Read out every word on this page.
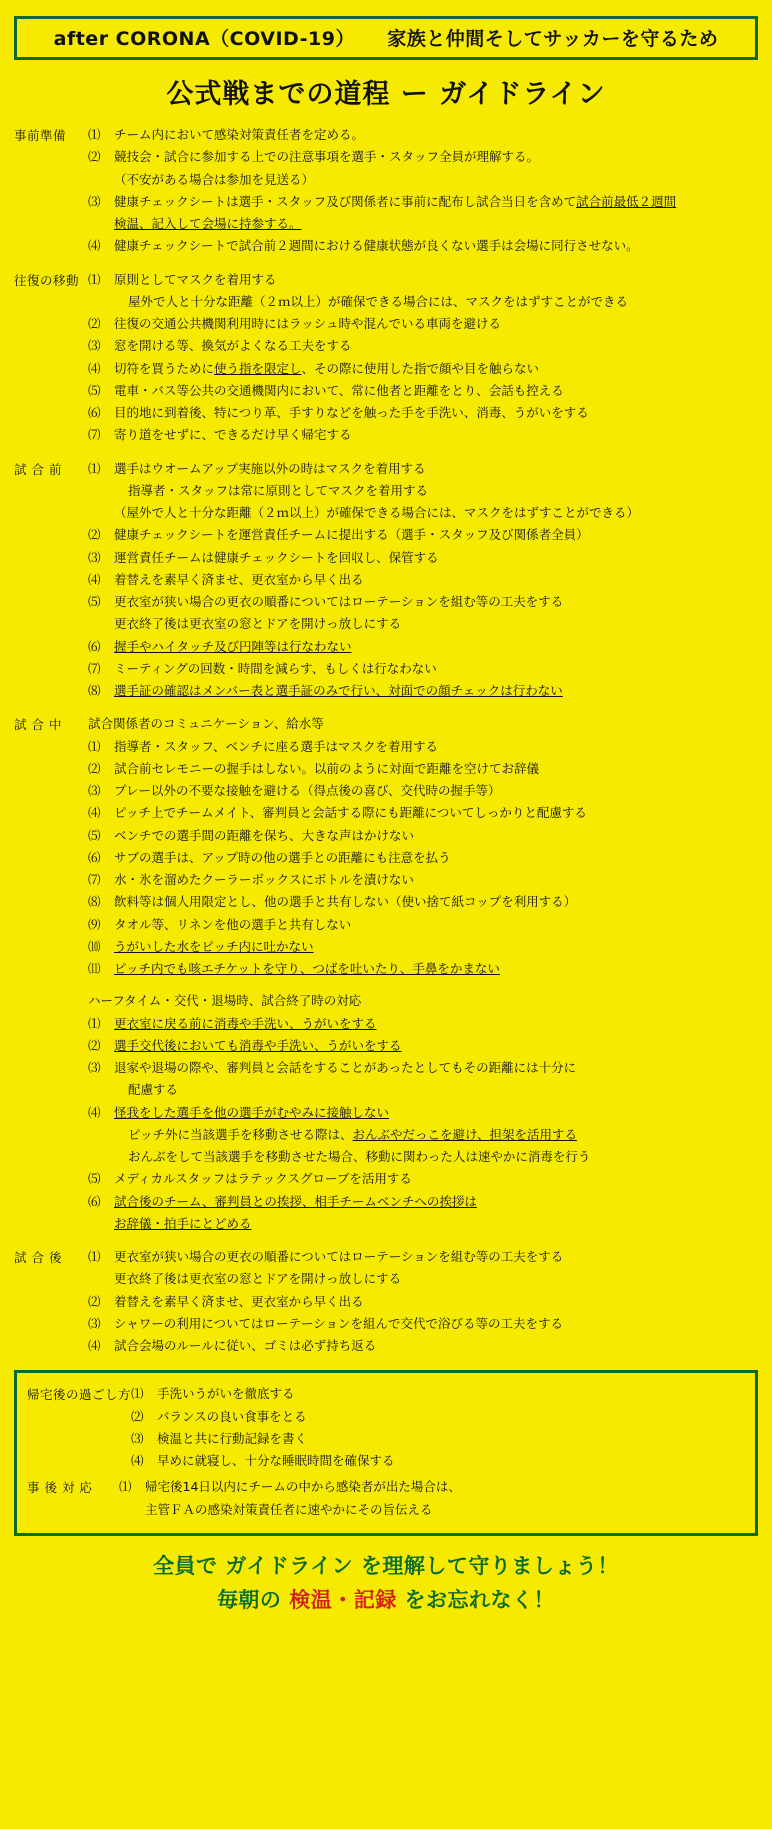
after CORONA（COVID-19） 家族と仲間そしてサッカーを守るため
公式戦までの道程 ー ガイドライン
事前準備	⑴	チーム内において感染対策責任者を定める。
⑵	競技会・試合に参加する上での注意事項を選手・スタッフ全員が理解する。
（不安がある場合は参加を見送る）
⑶	健康チェックシートは選手・スタッフ及び関係者に事前に配布し試合当日を含めて試合前最低２週間
検温、記入して会場に持参する。
⑷	健康チェックシートで試合前２週間における健康状態が良くない選手は会場に同行させない。
往復の移動 ⑴	原則としてマスクを着用する
屋外で人と十分な距離（２ｍ以上）が確保できる場合には、マスクをはずすことができる
⑵	往復の交通公共機関利用時にはラッシュ時や混んでいる車両を避ける
⑶	窓を開ける等、換気がよくなる工夫をする
⑷	切符を買うために使う指を限定し、その際に使用した指で顔や目を触らない
⑸	電車・バス等公共の交通機関内において、常に他者と距離をとり、会話も控える
⑹	目的地に到着後、特につり革、手すりなどを触った手を手洗い、消毒、うがいをする
⑺	寄り道をせずに、できるだけ早く帰宅する
試 合 前	⑴	選手はウオームアップ実施以外の時はマスクを着用する
指導者・スタッフは常に原則としてマスクを着用する
（屋外で人と十分な距離（２ｍ以上）が確保できる場合には、マスクをはずすことができる）
⑵	健康チェックシートを運営責任チームに提出する（選手・スタッフ及び関係者全員）
⑶	運営責任チームは健康チェックシートを回収し、保管する
⑷	着替えを素早く済ませ、更衣室から早く出る
⑸	更衣室が狭い場合の更衣の順番についてはローテーションを組む等の工夫をする
更衣終了後は更衣室の窓とドアを開けっ放しにする
⑹	握手やハイタッチ及び円陣等は行なわない
⑺	ミーティングの回数・時間を減らす、もしくは行なわない
⑻	選手証の確認はメンバー表と選手証のみで行い、対面での顔チェックは行わない
試 合 中	試合関係者のコミュニケーション、給水等
⑴	指導者・スタッフ、ベンチに座る選手はマスクを着用する
⑵	試合前セレモニーの握手はしない。以前のように対面で距離を空けてお辞儀
⑶	プレー以外の不要な接触を避ける（得点後の喜び、交代時の握手等）
⑷	ピッチ上でチームメイト、審判員と会話する際にも距離についてしっかりと配慮する
⑸	ベンチでの選手間の距離を保ち、大きな声はかけない
⑹	サブの選手は、アップ時の他の選手との距離にも注意を払う
⑺	水・氷を溜めたクーラーボックスにボトルを漬けない
⑻	飲料等は個人用限定とし、他の選手と共有しない（使い捨て紙コップを利用する）
⑼	タオル等、リネンを他の選手と共有しない
⑽	うがいした水をピッチ内に吐かない
⑾	ピッチ内でも咳エチケットを守り、つばを吐いたり、手鼻をかまない
ハーフタイム・交代・退場時、試合終了時の対応
⑴	更衣室に戻る前に消毒や手洗い、うがいをする
⑵	選手交代後においても消毒や手洗い、うがいをする
⑶	退家や退場の際や、審判員と会話をすることがあったとしてもその距離には十分に
配慮する
⑷	怪我をした選手を他の選手がむやみに接触しない
ピッチ外に当該選手を移動させる際は、おんぶやだっこを避け、担架を活用する
おんぶをして当該選手を移動させた場合、移動に関わった人は速やかに消毒を行う
⑸	メディカルスタッフはラテックスグローブを活用する
⑹	試合後のチーム、審判員との挨拶、相手チームベンチへの挨拶は
お辞儀・拍手にとどめる
試 合 後	⑴	更衣室が狭い場合の更衣の順番についてはローテーションを組む等の工夫をする
更衣終了後は更衣室の窓とドアを開けっ放しにする
⑵	着替えを素早く済ませ、更衣室から早く出る
⑶	シャワーの利用についてはローテーションを組んで交代で浴びる等の工夫をする
⑷	試合会場のルールに従い、ゴミは必ず持ち返る
帰宅後の過ごし方 ⑴	手洗いうがいを徹底する
⑵	バランスの良い食事をとる
⑶	検温と共に行動記録を書く
⑷	早めに就寝し、十分な睡眠時間を確保する
事 後 対 応	⑴	帰宅後14日以内にチームの中から感染者が出た場合は、
主管ＦＡの感染対策責任者に速やかにその旨伝える
全員で ガイドライン を理解して守りましょう！
毎朝の 検温・記録 をお忘れなく！
